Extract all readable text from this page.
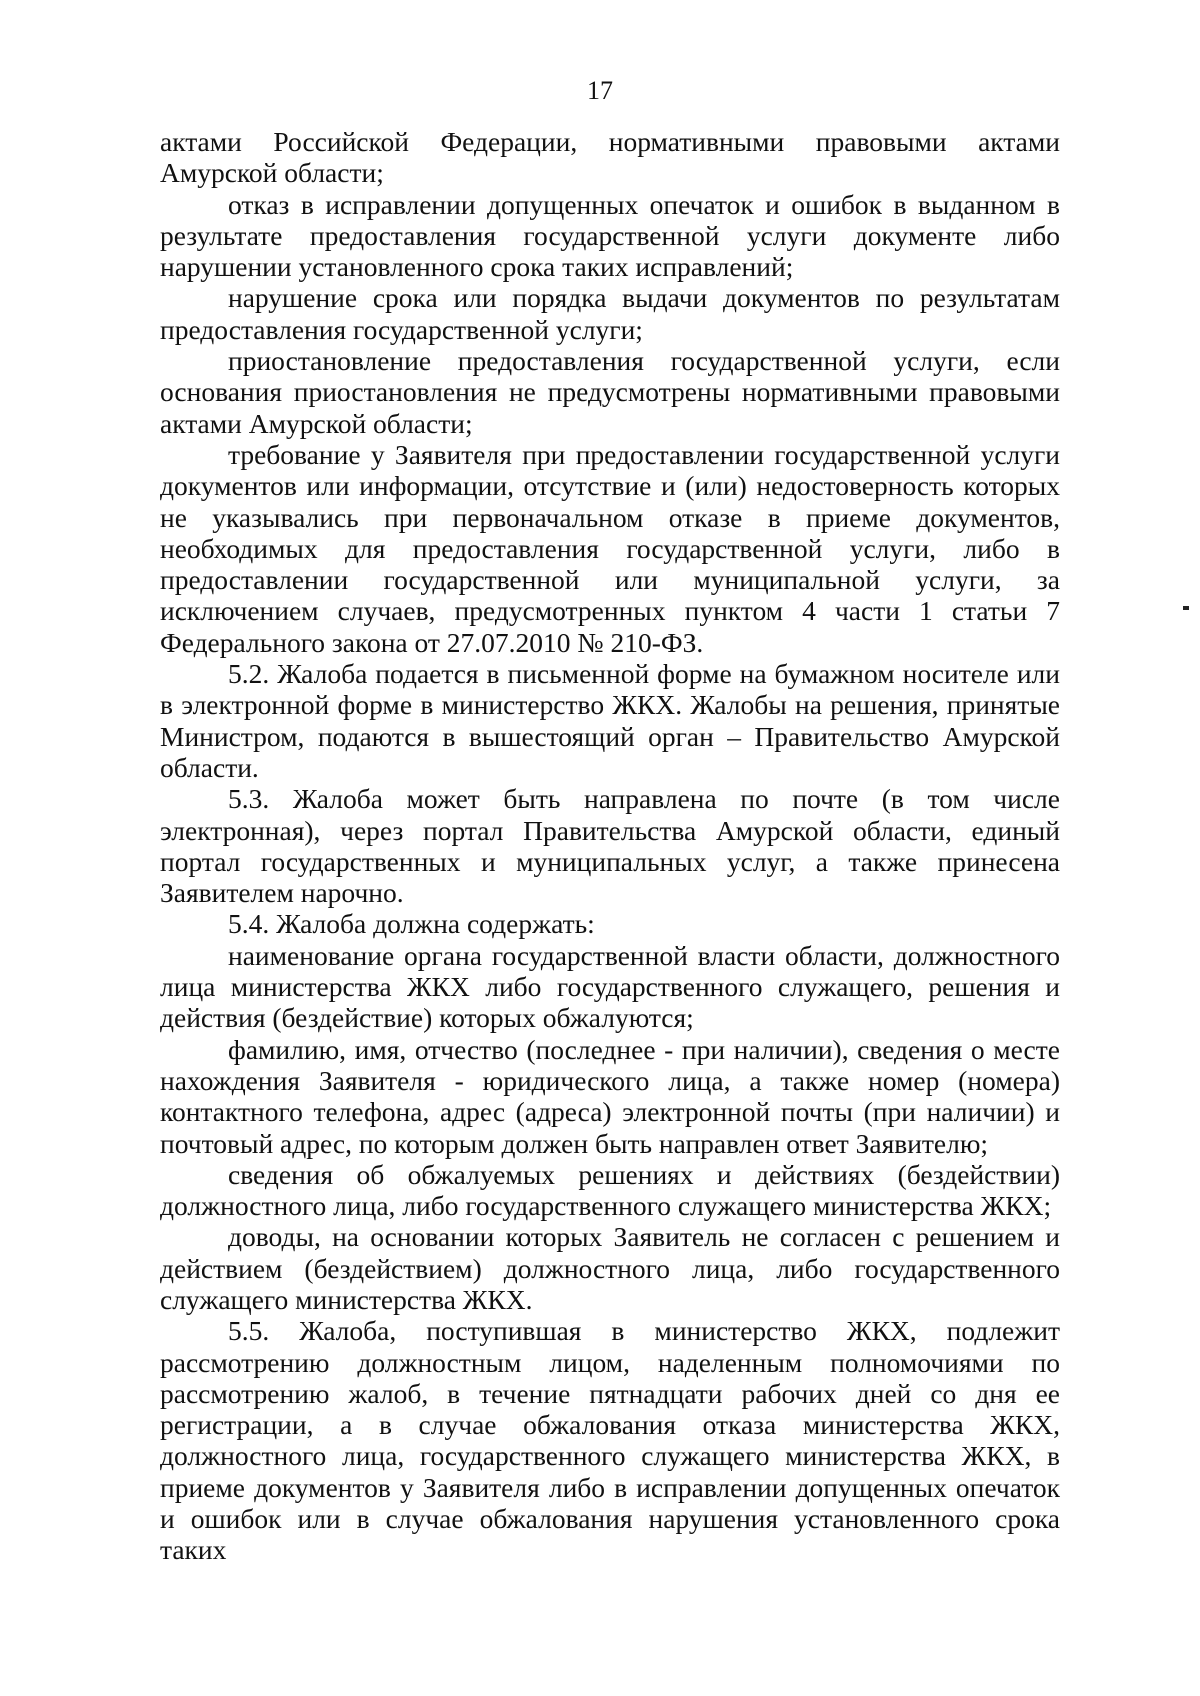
17

актами Российской Федерации, нормативными правовыми актами Амурской области;

отказ в исправлении допущенных опечаток и ошибок в выданном в результате предоставления государственной услуги документе либо нарушении установленного срока таких исправлений;

нарушение срока или порядка выдачи документов по результатам предоставления государственной услуги;

приостановление предоставления государственной услуги, если основания приостановления не предусмотрены нормативными правовыми актами Амурской области;

требование у Заявителя при предоставлении государственной услуги документов или информации, отсутствие и (или) недостоверность которых не указывались при первоначальном отказе в приеме документов, необходимых для предоставления государственной услуги, либо в предоставлении государственной или муниципальной услуги, за исключением случаев, предусмотренных пунктом 4 части 1 статьи 7 Федерального закона от 27.07.2010 № 210-ФЗ.

5.2. Жалоба подается в письменной форме на бумажном носителе или в электронной форме в министерство ЖКХ. Жалобы на решения, принятые Министром, подаются в вышестоящий орган – Правительство Амурской области.

5.3. Жалоба может быть направлена по почте (в том числе электронная), через портал Правительства Амурской области, единый портал государственных и муниципальных услуг, а также принесена Заявителем нарочно.

5.4. Жалоба должна содержать:

наименование органа государственной власти области, должностного лица министерства ЖКХ либо государственного служащего, решения и действия (бездействие) которых обжалуются;

фамилию, имя, отчество (последнее - при наличии), сведения о месте нахождения Заявителя - юридического лица, а также номер (номера) контактного телефона, адрес (адреса) электронной почты (при наличии) и почтовый адрес, по которым должен быть направлен ответ Заявителю;

сведения об обжалуемых решениях и действиях (бездействии) должностного лица, либо государственного служащего министерства ЖКХ;

доводы, на основании которых Заявитель не согласен с решением и действием (бездействием) должностного лица, либо государственного служащего министерства ЖКХ.

5.5. Жалоба, поступившая в министерство ЖКХ, подлежит рассмотрению должностным лицом, наделенным полномочиями по рассмотрению жалоб, в течение пятнадцати рабочих дней со дня ее регистрации, а в случае обжалования отказа министерства ЖКХ, должностного лица, государственного служащего министерства ЖКХ, в приеме документов у Заявителя либо в исправлении допущенных опечаток и ошибок или в случае обжалования нарушения установленного срока таких
